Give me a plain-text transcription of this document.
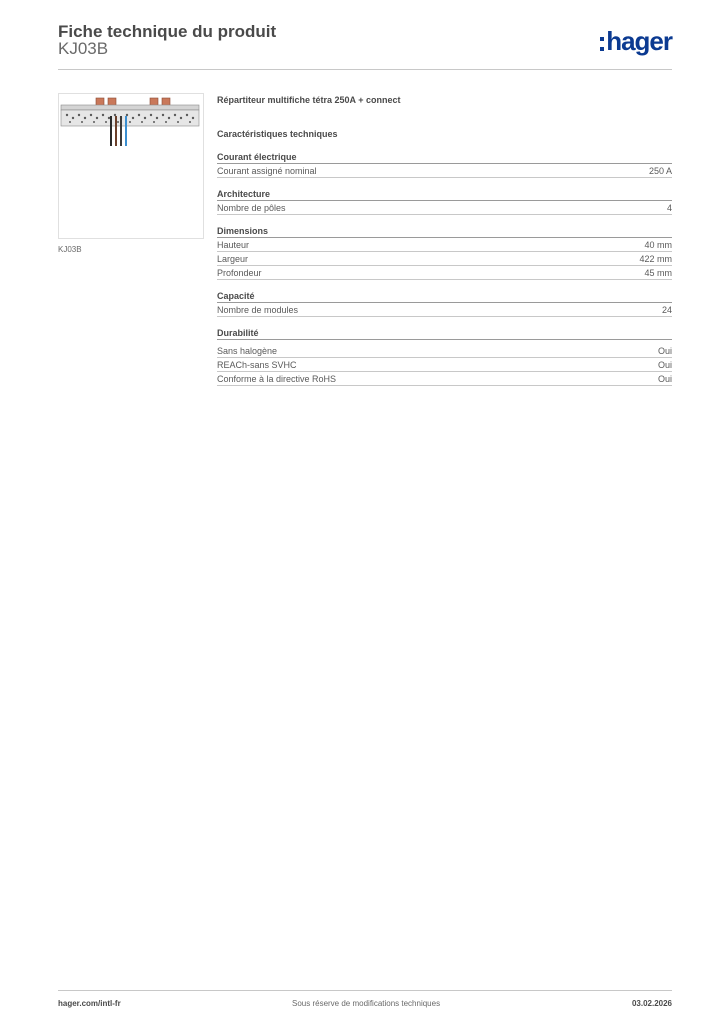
Fiche technique du produit
KJ03B	hager
KJ03B
Répartiteur multifiche tétra 250A + connect
Caractéristiques techniques
Courant électrique
Courant assigné nominal	250 A
Architecture
Nombre de pôles	4
Dimensions
Hauteur	40 mm
Largeur	422 mm
Profondeur	45 mm
Capacité
Nombre de modules	24
Durabilité
Sans halogène	Oui
REACh-sans SVHC	Oui
Conforme à la directive RoHS	Oui
hager.com/intl-fr	Sous réserve de modifications techniques	03.02.2026
